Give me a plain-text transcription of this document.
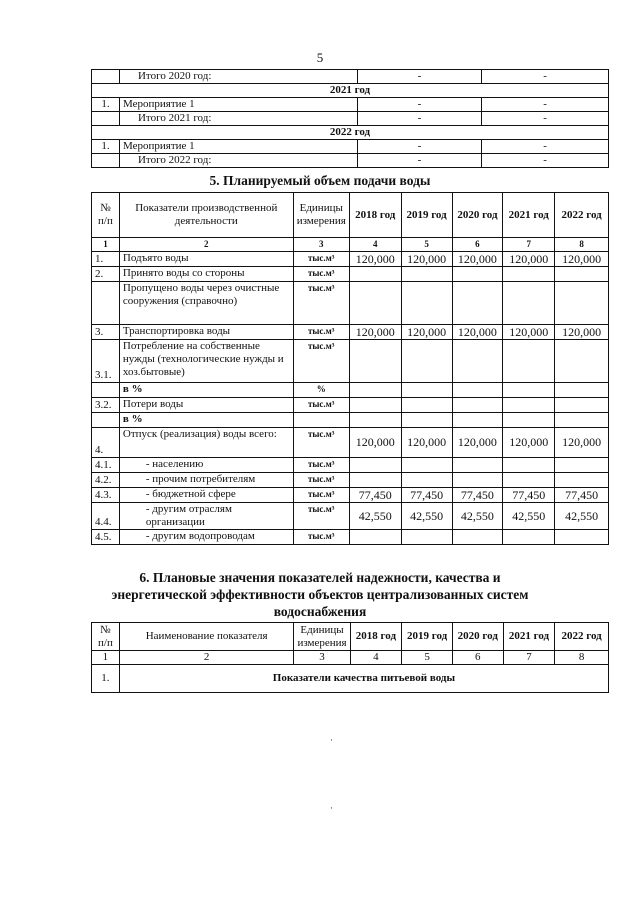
5
	Итого 2020 год:	-	-
2021 год			
1.	Мероприятие 1	-	-
	Итого 2021 год:	-	-
2022 год			
1.	Мероприятие 1	-	-
	Итого 2022 год:	-	-
5. Планируемый объем подачи воды
№ п/п	Показатели производственной деятельности	Единицы измерения	2018 год	2019 год	2020 год	2021 год	2022 год
1	2	3	4	5	6	7	8
1.	Подъято воды	тыс.м³	120,000	120,000	120,000	120,000	120,000
2.	Принято воды со стороны	тыс.м³					
	Пропущено воды через очистные сооружения (справочно)	тыс.м³					
3.	Транспортировка воды	тыс.м³	120,000	120,000	120,000	120,000	120,000
3.1.	Потребление на собственные нужды (технологические нужды и хоз.бытовые)	тыс.м³					
	в %	%					
3.2.	Потери воды	тыс.м³					
	в %						
4.	Отпуск (реализация) воды всего:	тыс.м³	120,000	120,000	120,000	120,000	120,000
4.1.	- населению	тыс.м³					
4.2.	- прочим потребителям	тыс.м³					
4.3.	- бюджетной сфере	тыс.м³	77,450	77,450	77,450	77,450	77,450
4.4.	- другим отраслям организации	тыс.м³	42,550	42,550	42,550	42,550	42,550
4.5.	- другим водопроводам	тыс.м³					
6. Плановые значения показателей надежности, качества и
энергетической эффективности объектов централизованных систем
водоснабжения
№ п/п	Наименование показателя	Единицы измерения	2018 год	2019 год	2020 год	2021 год	2022 год
1	2	3	4	5	6	7	8
1.	Показатели качества питьевой воды						
·
·
